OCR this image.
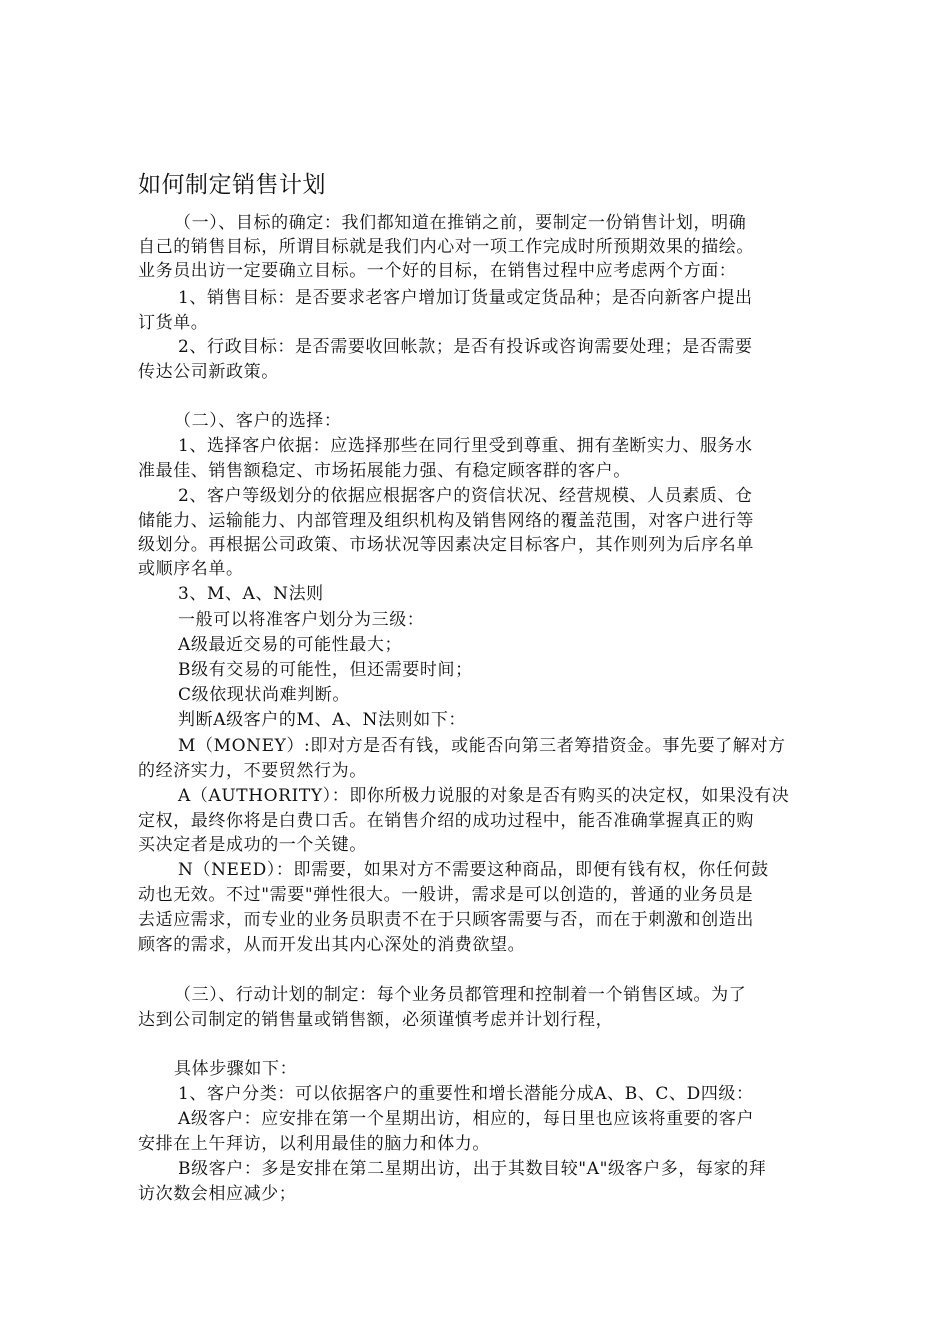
如何制定销售计划
（一）、目标的确定：我们都知道在推销之前，要制定一份销售计划，明确
自己的销售目标，所谓目标就是我们内心对一项工作完成时所预期效果的描绘。
业务员出访一定要确立目标。一个好的目标，在销售过程中应考虑两个方面：
1、销售目标：是否要求老客户增加订货量或定货品种；是否向新客户提出
订货单。
2、行政目标：是否需要收回帐款；是否有投诉或咨询需要处理；是否需要
传达公司新政策。
（二）、客户的选择：
1、选择客户依据：应选择那些在同行里受到尊重、拥有垄断实力、服务水
准最佳、销售额稳定、市场拓展能力强、有稳定顾客群的客户。
2、客户等级划分的依据应根据客户的资信状况、经营规模、人员素质、仓
储能力、运输能力、内部管理及组织机构及销售网络的覆盖范围，对客户进行等
级划分。再根据公司政策、市场状况等因素决定目标客户，其作则列为后序名单
或顺序名单。
3、M、A、N法则
一般可以将准客户划分为三级：
A级最近交易的可能性最大；
B级有交易的可能性，但还需要时间；
C级依现状尚难判断。
判断A级客户的M、A、N法则如下：
M（MONEY）:即对方是否有钱，或能否向第三者筹措资金。事先要了解对方
的经济实力，不要贸然行为。
A（AUTHORITY）：即你所极力说服的对象是否有购买的决定权，如果没有决
定权，最终你将是白费口舌。在销售介绍的成功过程中，能否准确掌握真正的购
买决定者是成功的一个关键。
N（NEED）：即需要，如果对方不需要这种商品，即便有钱有权，你任何鼓
动也无效。不过"需要"弹性很大。一般讲，需求是可以创造的，普通的业务员是
去适应需求，而专业的业务员职责不在于只顾客需要与否，而在于刺激和创造出
顾客的需求，从而开发出其内心深处的消费欲望。
（三）、行动计划的制定：每个业务员都管理和控制着一个销售区域。为了
达到公司制定的销售量或销售额，必须谨慎考虑并计划行程，
具体步骤如下：
1、客户分类：可以依据客户的重要性和增长潜能分成A、B、C、D四级：
A级客户：应安排在第一个星期出访，相应的，每日里也应该将重要的客户
安排在上午拜访，以利用最佳的脑力和体力。
B级客户：多是安排在第二星期出访，出于其数目较"A"级客户多，每家的拜
访次数会相应减少；
